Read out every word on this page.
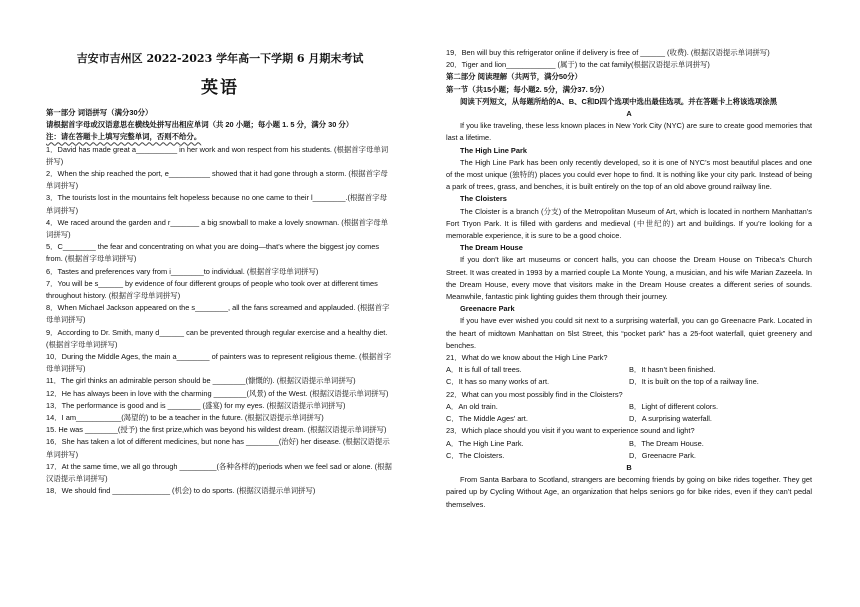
吉安市吉州区 2022-2023 学年高一下学期 6 月期末考试
英语

第一部分 词语拼写（满分30分）

请根据首字母或汉语意思在横线处拼写出相应单词（共 20 小题；每小题 1. 5 分，满分 30 分）

注：请在答题卡上填写完整单词，否则不给分。

1．David has made great a__________ in her work and won respect from his students. (根据首字母单词拼写)

2．When the ship reached the port, e__________ showed that it had gone through a storm. (根据首字母单词拼写)

3．The tourists lost in the mountains felt hopeless because no one came to their l________.(根据首字母单词拼写)

4．We raced around the garden and r_______ a big snowball to make a lovely snowman. (根据首字母单词拼写)

5．C________ the fear and concentrating on what you are doing—that’s where the biggest joy comes from. (根据首字母单词拼写)

6．Tastes and preferences vary from i________to individual. (根据首字母单词拼写)

7．You will be s______ by evidence of four different groups of people who took over at different times throughout history. (根据首字母单词拼写)

8．When Michael Jackson appeared on the s________, all the fans screamed and applauded. (根据首字母单词拼写)

9．According to Dr. Smith, many d______ can be prevented through regular exercise and a healthy diet. (根据首字母单词拼写)

10．During the Middle Ages, the main a________ of painters was to represent religious theme. (根据首字母单词拼写)

11．The girl thinks an admirable person should be ________(慷慨的). (根据汉语提示单词拼写)

12．He has always been in love with the charming ________(风景) of the West. (根据汉语提示单词拼写)

13．The performance is good and is ________ (盛宴) for my eyes. (根据汉语提示单词拼写)

14．I am___________(渴望的) to be a teacher in the future. (根据汉语提示单词拼写)

15. He was ________(授予) the first prize,which was beyond his wildest dream. (根据汉语提示单词拼写)

16．She has taken a lot of different medicines, but none has ________(治好) her disease. (根据汉语提示单词拼写)

17．At the same time, we all go through _________(各种各样的)periods when we feel sad or alone. (根据汉语提示单词拼写)

18．We should find ______________ (机会) to do sports. (根据汉语提示单词拼写)

19．Ben will buy this refrigerator online if delivery is free of ______ (收费). (根据汉语提示单词拼写)

20．Tiger and lion____________ (属于) to the cat family(根据汉语提示单词拼写)

第二部分 阅读理解（共两节，满分50分）

第一节（共15小题；每小题2. 5分，满分37. 5分）

阅读下列短文，从每题所给的A、B、C和D四个选项中选出最佳选项。并在答题卡上将该选项涂黑

A

If you like traveling, these less known places in New York City (NYC) are sure to create good memories that last a lifetime.

The High Line Park

The High Line Park has been only recently developed, so it is one of NYC’s most beautiful places and one of the most unique (独特的) places you could ever hope to find. It is nothing like your city park. Instead of being a park of trees, grass, and benches, it is built entirely on the top of an old above ground railway line.

The Cloisters

The Cloister is a branch (分支) of the Metropolitan Museum of Art, which is located in northern Manhattan’s Fort Tryon Park. It is filled with gardens and medieval (中世纪的) art and buildings. If you’re looking for a memorable experience, it is sure to be a good choice.

The Dream House

If you don’t like art museums or concert halls, you can choose the Dream House on Tribeca’s Church Street. It was created in 1993 by a married couple La Monte Young, a musician, and his wife Marian Zazeela. In the Dream House, every move that visitors make in the Dream House creates a different series of sounds. Meanwhile, fantastic pink lighting guides them through their journey.

Greenacre Park

If you have ever wished you could sit next to a surprising waterfall, you can go Greenacre Park. Located in the heart of midtown Manhattan on 5lst Street, this “pocket park” has a 25-foot waterfall, quiet greenery and benches.

21．What do we know about the High Line Park?

A．It is full of tall trees.	B．It hasn’t been finished.
C．It has so many works of art.	D．It is built on the top of a railway line.

22．What can you most possibly find in the Cloisters?

A．An old train.	B．Light of different colors.
C．The Middle Ages’ art.	D．A surprising waterfall.

23．Which place should you visit if you want to experience sound and light?

A．The High Line Park.	B．The Dream House.
C．The Cloisters.	D．Greenacre Park.

B

From Santa Barbara to Scotland, strangers are becoming friends by going on bike rides together. They get paired up by Cycling Without Age, an organization that helps seniors go for bike rides, even if they can’t pedal themselves.
